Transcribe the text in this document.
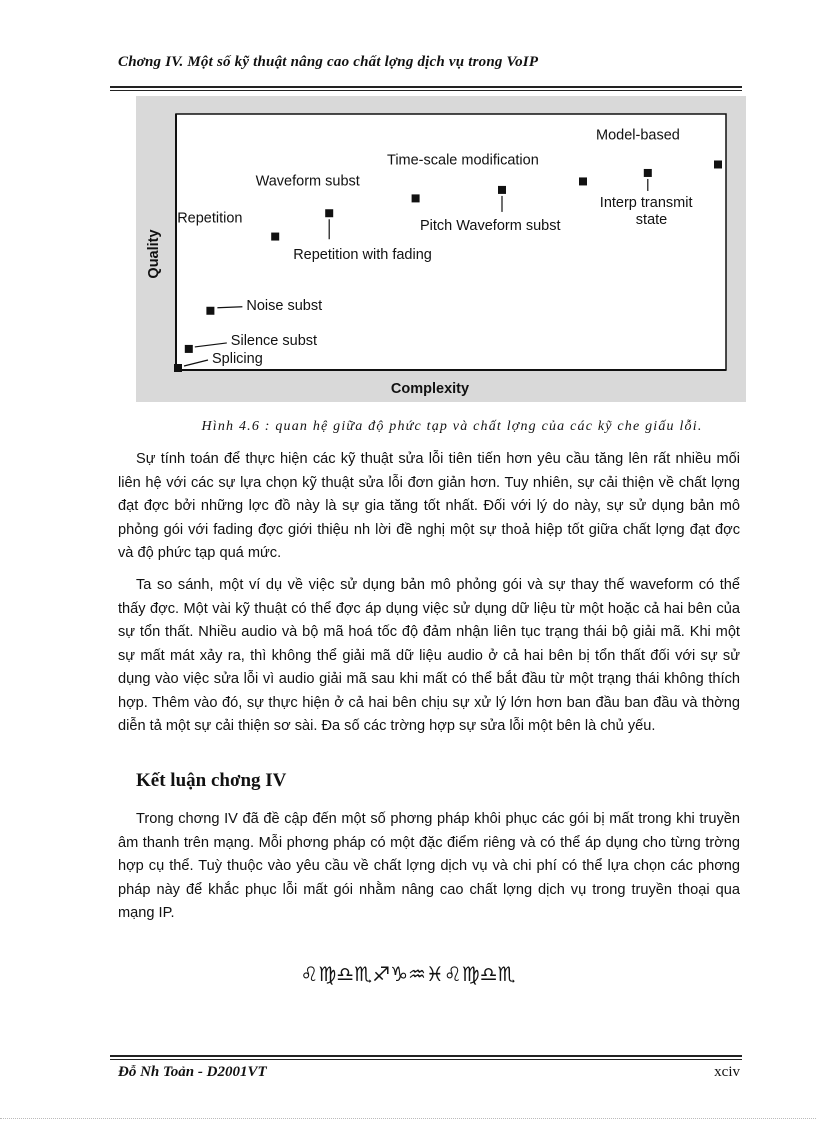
Chơng IV. Một số kỹ thuật nâng cao chất lợng dịch vụ trong VoIP
Quality
Complexity
Splicing
Silence subst
Noise subst
Repetition
Repetition with fading
Waveform subst
Pitch Waveform subst
Time-scale modification
Interp transmit
state
Model-based
Hình 4.6 : quan hệ giữa độ phức tạp và chất lợng của các kỹ che giấu lỗi.

Sự tính toán để thực hiện các kỹ thuật sửa lỗi tiên tiến hơn yêu cầu tăng lên rất nhiều mối liên hệ với các sự lựa chọn kỹ thuật sửa lỗi đơn giản hơn. Tuy nhiên, sự cải thiện về chất lợng đạt đợc bởi những lợc đồ này là sự gia tăng tốt nhất. Đối với lý do này, sự sử dụng bản mô phỏng gói với fading đợc giới thiệu nh lời đề nghị một sự thoả hiệp tốt giữa chất lợng đạt đợc và độ phức tạp quá mức.

Ta so sánh, một ví dụ về việc sử dụng bản mô phỏng gói và sự thay thế waveform có thể thấy đợc. Một vài kỹ thuật có thể đợc áp dụng việc sử dụng dữ liệu từ một hoặc cả hai bên của sự tổn thất. Nhiều audio và bộ mã hoá tốc độ đảm nhận liên tục trạng thái bộ giải mã. Khi một sự mất mát xảy ra, thì không thể giải mã dữ liệu audio ở cả hai bên bị tổn thất đối với sự sử dụng vào việc sửa lỗi vì audio giải mã sau khi mất có thể bắt đầu từ một trạng thái không thích hợp. Thêm vào đó, sự thực hiện ở cả hai bên chịu sự xử lý lớn hơn ban đầu ban đầu và thờng diễn tả một sự cải thiện sơ sài. Đa số các trờng hợp sự sửa lỗi một bên là chủ yếu.

Kết luận chơng IV

Trong chơng IV đã đề cập đến một số phơng pháp khôi phục các gói bị mất trong khi truyền âm thanh trên mạng. Mỗi phơng pháp có một đặc điểm riêng và có thể áp dụng cho từng trờng hợp cụ thể. Tuỳ thuộc vào yêu cầu về chất lợng dịch vụ và chi phí có thể lựa chọn các phơng pháp này để khắc phục lỗi mất gói nhằm nâng cao chất lợng dịch vụ trong truyền thoại qua mạng IP.

♌♍♎♏♐♑♒♓♌♍♎♏
Đỗ Nh Toản - D2001VT	xciv
